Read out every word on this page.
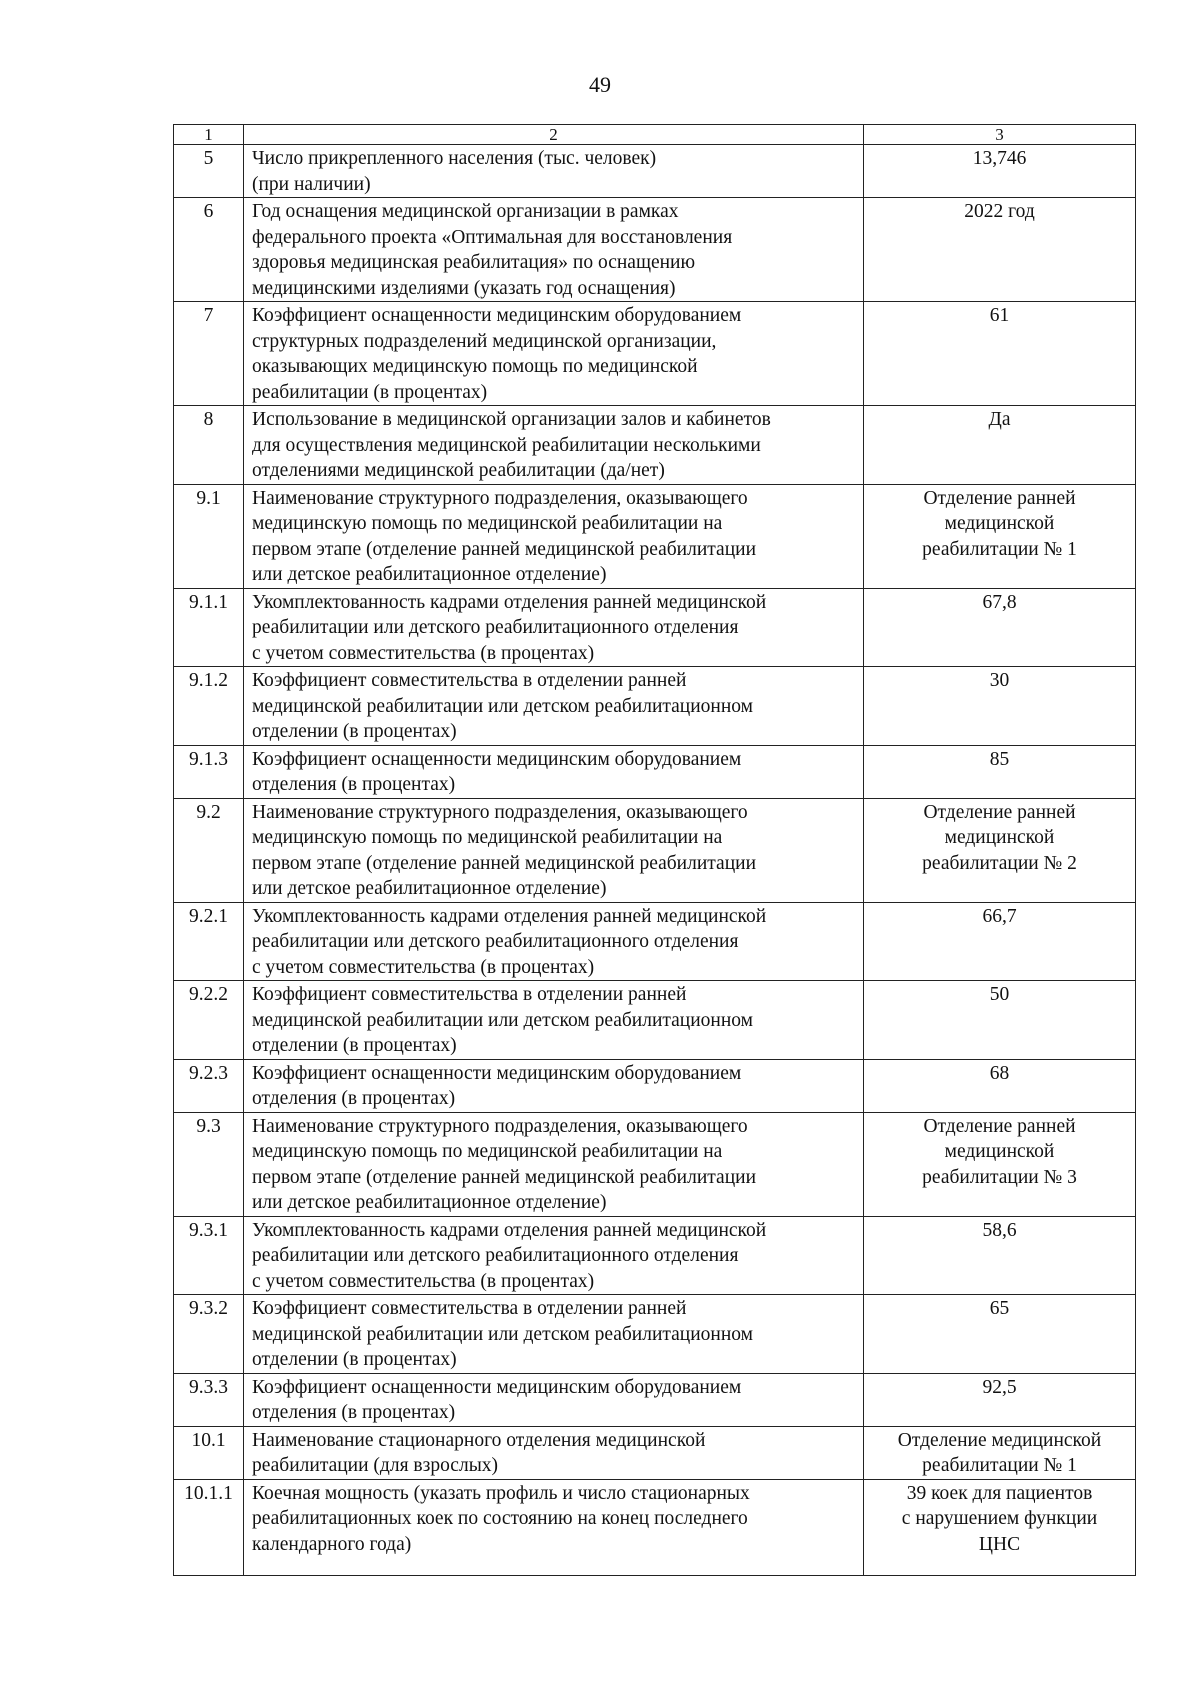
49
1	2	3
5	Число прикрепленного населения (тыс. человек)
(при наличии)	13,746

6	Год оснащения медицинской организации в рамках
федерального проекта «Оптимальная для восстановления
здоровья медицинская реабилитация» по оснащению
медицинскими изделиями (указать год оснащения)	2022 год

7	Коэффициент оснащенности медицинским оборудованием
структурных подразделений медицинской организации,
оказывающих медицинскую помощь по медицинской
реабилитации (в процентах)	61

8	Использование в медицинской организации залов и кабинетов
для осуществления медицинской реабилитации несколькими
отделениями медицинской реабилитации (да/нет)	Да

9.1	Наименование структурного подразделения, оказывающего
медицинскую помощь по медицинской реабилитации на
первом этапе (отделение ранней медицинской реабилитации
или детское реабилитационное отделение)	Отделение ранней
медицинской
реабилитации № 1

9.1.1	Укомплектованность кадрами отделения ранней медицинской
реабилитации или детского реабилитационного отделения
с учетом совместительства (в процентах)	67,8

9.1.2	Коэффициент совместительства в отделении ранней
медицинской реабилитации или детском реабилитационном
отделении (в процентах)	30

9.1.3	Коэффициент оснащенности медицинским оборудованием
отделения (в процентах)	85

9.2	Наименование структурного подразделения, оказывающего
медицинскую помощь по медицинской реабилитации на
первом этапе (отделение ранней медицинской реабилитации
или детское реабилитационное отделение)	Отделение ранней
медицинской
реабилитации № 2

9.2.1	Укомплектованность кадрами отделения ранней медицинской
реабилитации или детского реабилитационного отделения
с учетом совместительства (в процентах)	66,7

9.2.2	Коэффициент совместительства в отделении ранней
медицинской реабилитации или детском реабилитационном
отделении (в процентах)	50

9.2.3	Коэффициент оснащенности медицинским оборудованием
отделения (в процентах)	68

9.3	Наименование структурного подразделения, оказывающего
медицинскую помощь по медицинской реабилитации на
первом этапе (отделение ранней медицинской реабилитации
или детское реабилитационное отделение)	Отделение ранней
медицинской
реабилитации № 3

9.3.1	Укомплектованность кадрами отделения ранней медицинской
реабилитации или детского реабилитационного отделения
с учетом совместительства (в процентах)	58,6

9.3.2	Коэффициент совместительства в отделении ранней
медицинской реабилитации или детском реабилитационном
отделении (в процентах)	65

9.3.3	Коэффициент оснащенности медицинским оборудованием
отделения (в процентах)	92,5

10.1	Наименование стационарного отделения медицинской
реабилитации (для взрослых)	Отделение медицинской
реабилитации № 1

10.1.1	Коечная мощность (указать профиль и число стационарных
реабилитационных коек по состоянию на конец последнего
календарного года)	39 коек для пациентов
с нарушением функции
ЦНС
